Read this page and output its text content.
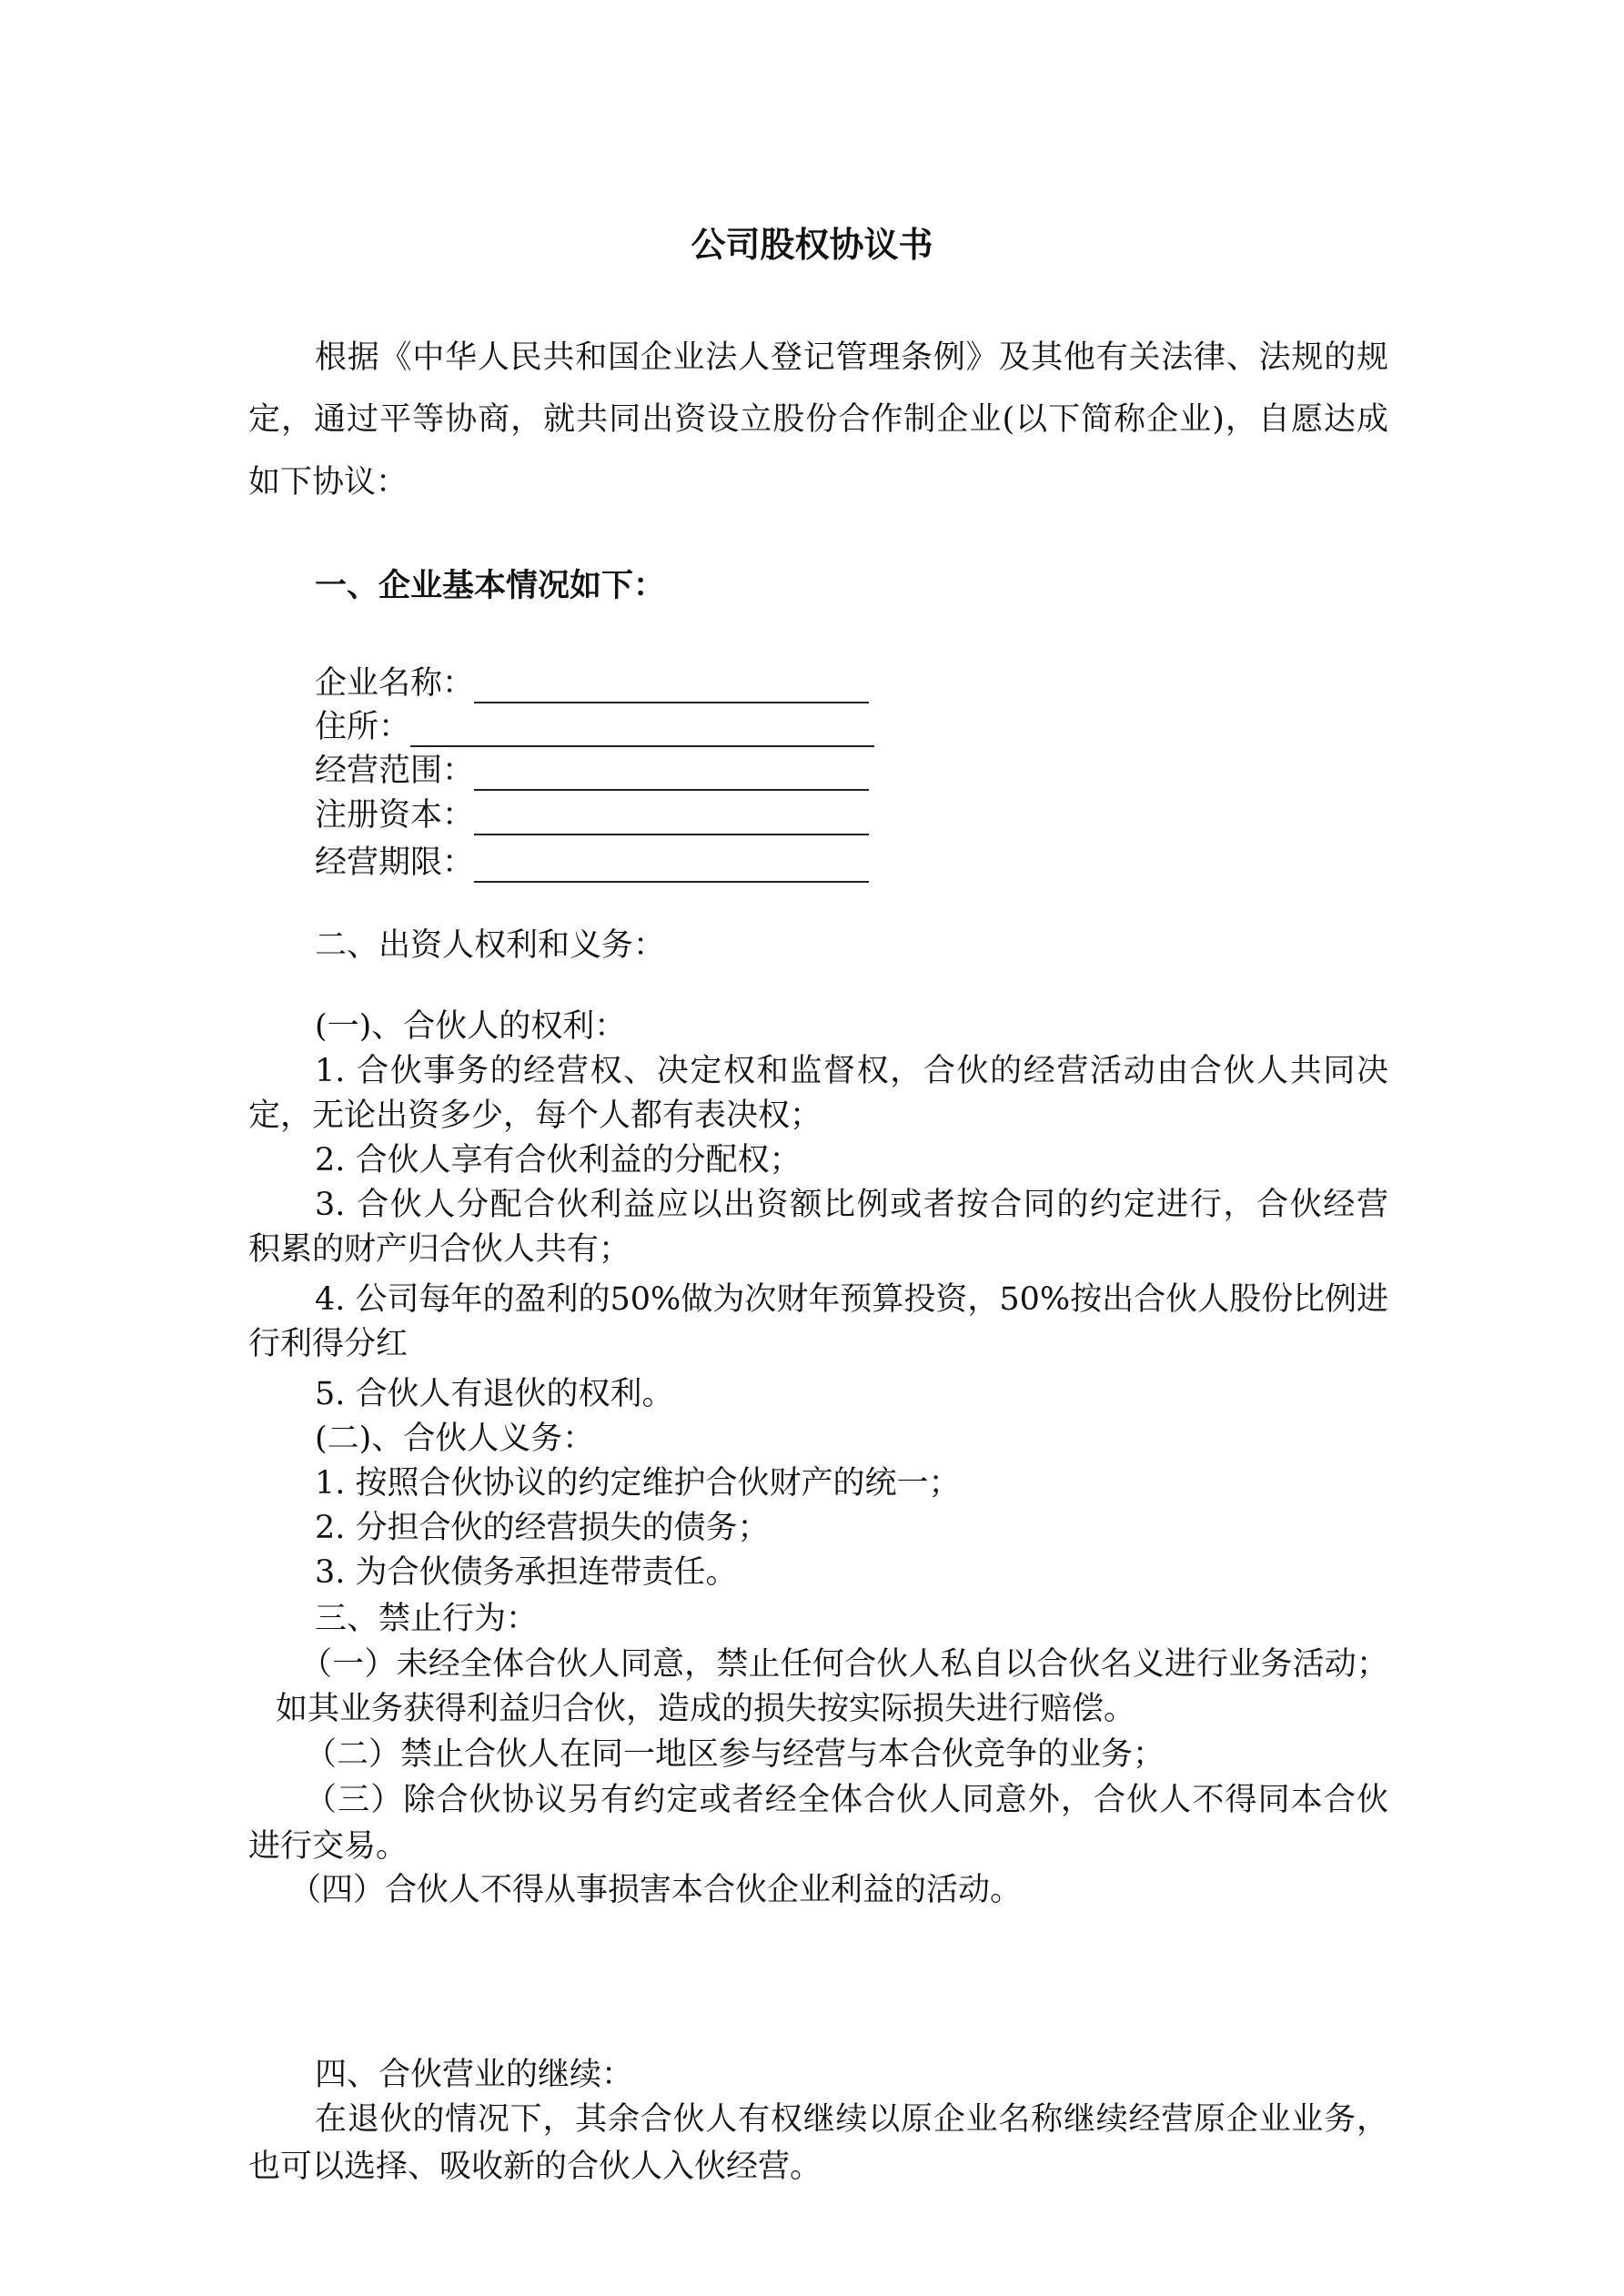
公司股权协议书
根据《中华人民共和国企业法人登记管理条例》及其他有关法律、法规的规
定，通过平等协商，就共同出资设立股份合作制企业(以下简称企业)，自愿达成
如下协议：
一、企业基本情况如下：
企业名称：
住所：
经营范围：
注册资本：
经营期限：
二、出资人权利和义务：
(一)、合伙人的权利：
1. 合伙事务的经营权、决定权和监督权，合伙的经营活动由合伙人共同决
定，无论出资多少，每个人都有表决权；
2. 合伙人享有合伙利益的分配权；
3. 合伙人分配合伙利益应以出资额比例或者按合同的约定进行，合伙经营
积累的财产归合伙人共有；
4. 公司每年的盈利的50%做为次财年预算投资，50%按出合伙人股份比例进
行利得分红
5. 合伙人有退伙的权利。
(二)、合伙人义务：
1. 按照合伙协议的约定维护合伙财产的统一；
2. 分担合伙的经营损失的债务；
3. 为合伙债务承担连带责任。
三、禁止行为：
（一）未经全体合伙人同意，禁止任何合伙人私自以合伙名义进行业务活动；
如其业务获得利益归合伙，造成的损失按实际损失进行赔偿。
（二）禁止合伙人在同一地区参与经营与本合伙竞争的业务；
（三）除合伙协议另有约定或者经全体合伙人同意外，合伙人不得同本合伙
进行交易。
（四）合伙人不得从事损害本合伙企业利益的活动。
四、合伙营业的继续：
在退伙的情况下，其余合伙人有权继续以原企业名称继续经营原企业业务，
也可以选择、吸收新的合伙人入伙经营。
